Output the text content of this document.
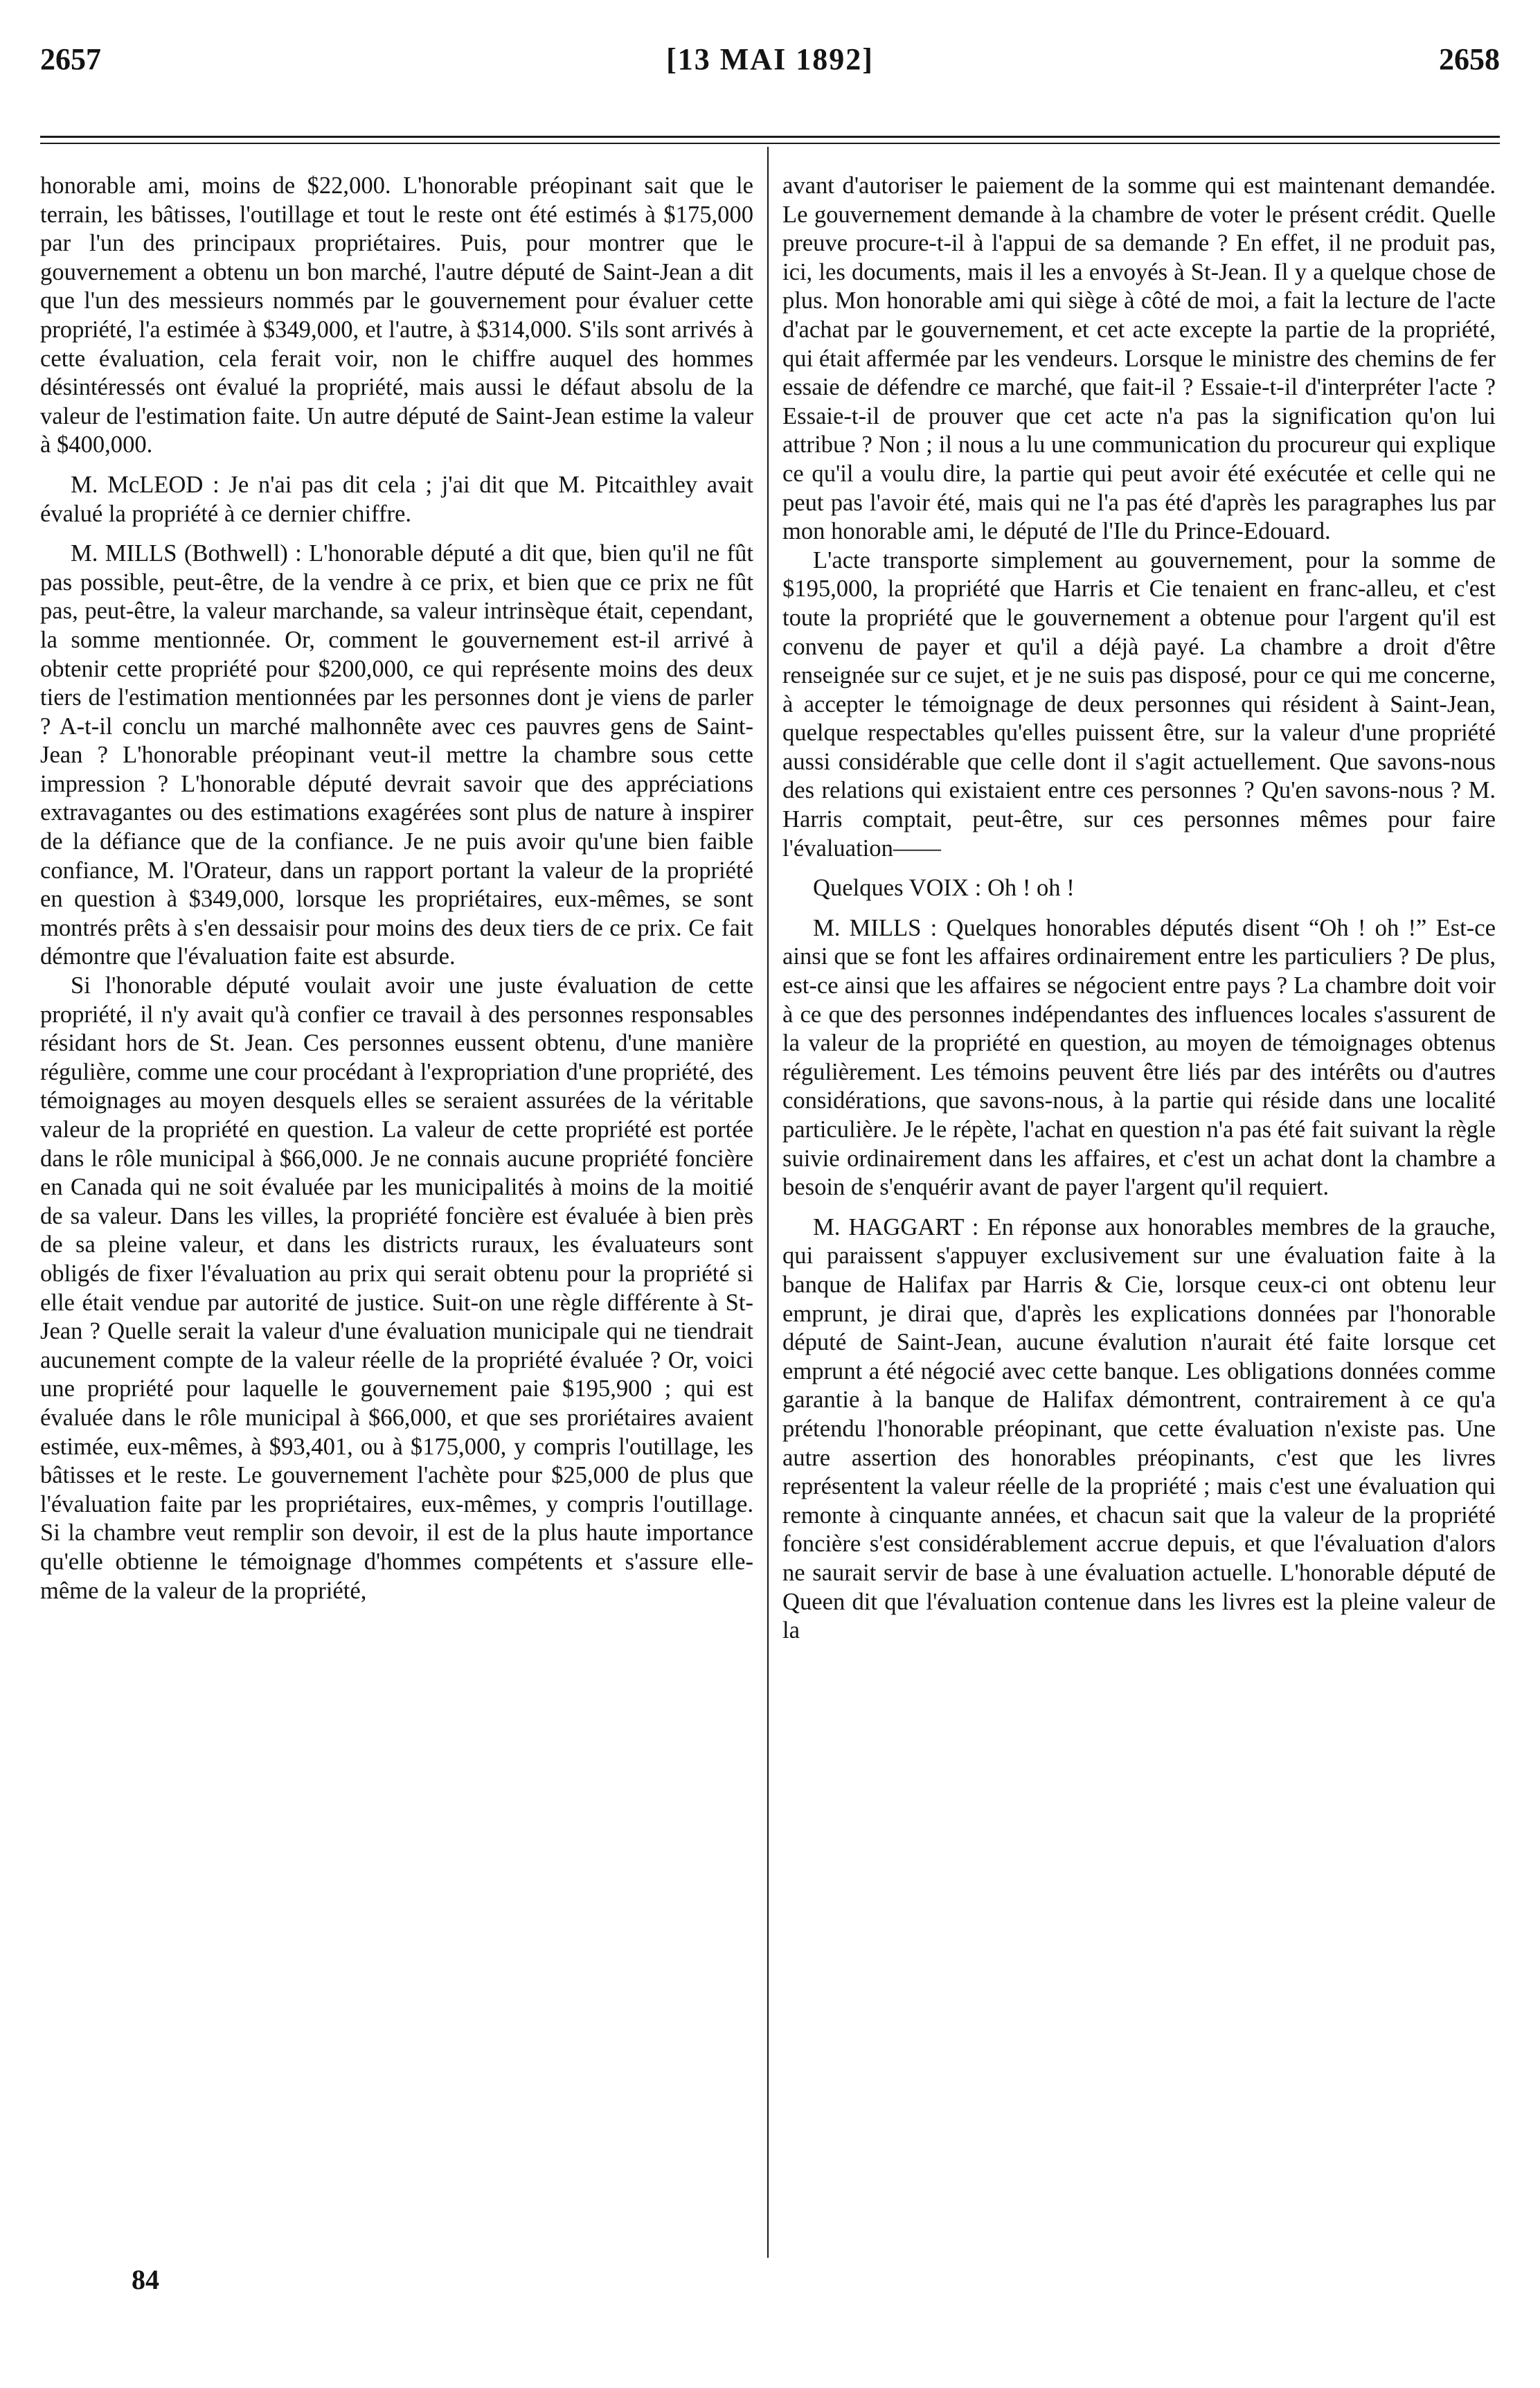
2657	[13 MAI 1892]	2658

honorable ami, moins de $22,000. L'honorable préopinant sait que le terrain, les bâtisses, l'outillage et tout le reste ont été estimés à $175,000 par l'un des principaux propriétaires. Puis, pour montrer que le gouvernement a obtenu un bon marché, l'autre député de Saint-Jean a dit que l'un des messieurs nommés par le gouvernement pour évaluer cette propriété, l'a estimée à $349,000, et l'autre, à $314,000. S'ils sont arrivés à cette évaluation, cela ferait voir, non le chiffre auquel des hommes désintéressés ont évalué la propriété, mais aussi le défaut absolu de la valeur de l'estimation faite. Un autre député de Saint-Jean estime la valeur à $400,000.

M. McLEOD : Je n'ai pas dit cela ; j'ai dit que M. Pitcaithley avait évalué la propriété à ce dernier chiffre.

M. MILLS (Bothwell) : L'honorable député a dit que, bien qu'il ne fût pas possible, peut-être, de la vendre à ce prix, et bien que ce prix ne fût pas, peut-être, la valeur marchande, sa valeur intrinsèque était, cependant, la somme mentionnée. Or, comment le gouvernement est-il arrivé à obtenir cette propriété pour $200,000, ce qui représente moins des deux tiers de l'estimation mentionnées par les personnes dont je viens de parler ? A-t-il conclu un marché malhonnête avec ces pauvres gens de Saint-Jean ? L'honorable préopinant veut-il mettre la chambre sous cette impression ? L'honorable député devrait savoir que des appréciations extravagantes ou des estimations exagérées sont plus de nature à inspirer de la défiance que de la confiance. Je ne puis avoir qu'une bien faible confiance, M. l'Orateur, dans un rapport portant la valeur de la propriété en question à $349,000, lorsque les propriétaires, eux-mêmes, se sont montrés prêts à s'en dessaisir pour moins des deux tiers de ce prix. Ce fait démontre que l'évaluation faite est absurde.

Si l'honorable député voulait avoir une juste évaluation de cette propriété, il n'y avait qu'à confier ce travail à des personnes responsables résidant hors de St. Jean. Ces personnes eussent obtenu, d'une manière régulière, comme une cour procédant à l'expropriation d'une propriété, des témoignages au moyen desquels elles se seraient assurées de la véritable valeur de la propriété en question. La valeur de cette propriété est portée dans le rôle municipal à $66,000. Je ne connais aucune propriété foncière en Canada qui ne soit évaluée par les municipalités à moins de la moitié de sa valeur. Dans les villes, la propriété foncière est évaluée à bien près de sa pleine valeur, et dans les districts ruraux, les évaluateurs sont obligés de fixer l'évaluation au prix qui serait obtenu pour la propriété si elle était vendue par autorité de justice. Suit-on une règle différente à St-Jean ? Quelle serait la valeur d'une évaluation municipale qui ne tiendrait aucunement compte de la valeur réelle de la propriété évaluée ? Or, voici une propriété pour laquelle le gouvernement paie $195,900 ; qui est évaluée dans le rôle municipal à $66,000, et que ses proriétaires avaient estimée, eux-mêmes, à $93,401, ou à $175,000, y compris l'outillage, les bâtisses et le reste. Le gouvernement l'achète pour $25,000 de plus que l'évaluation faite par les propriétaires, eux-mêmes, y compris l'outillage. Si la chambre veut remplir son devoir, il est de la plus haute importance qu'elle obtienne le témoignage d'hommes compétents et s'assure elle-même de la valeur de la propriété,

avant d'autoriser le paiement de la somme qui est maintenant demandée. Le gouvernement demande à la chambre de voter le présent crédit. Quelle preuve procure-t-il à l'appui de sa demande ? En effet, il ne produit pas, ici, les documents, mais il les a envoyés à St-Jean. Il y a quelque chose de plus. Mon honorable ami qui siège à côté de moi, a fait la lecture de l'acte d'achat par le gouvernement, et cet acte excepte la partie de la propriété, qui était affermée par les vendeurs. Lorsque le ministre des chemins de fer essaie de défendre ce marché, que fait-il ? Essaie-t-il d'interpréter l'acte ? Essaie-t-il de prouver que cet acte n'a pas la signification qu'on lui attribue ? Non ; il nous a lu une communication du procureur qui explique ce qu'il a voulu dire, la partie qui peut avoir été exécutée et celle qui ne peut pas l'avoir été, mais qui ne l'a pas été d'après les paragraphes lus par mon honorable ami, le député de l'Ile du Prince-Edouard.

L'acte transporte simplement au gouvernement, pour la somme de $195,000, la propriété que Harris et Cie tenaient en franc-alleu, et c'est toute la propriété que le gouvernement a obtenue pour l'argent qu'il est convenu de payer et qu'il a déjà payé. La chambre a droit d'être renseignée sur ce sujet, et je ne suis pas disposé, pour ce qui me concerne, à accepter le témoignage de deux personnes qui résident à Saint-Jean, quelque respectables qu'elles puissent être, sur la valeur d'une propriété aussi considérable que celle dont il s'agit actuellement. Que savons-nous des relations qui existaient entre ces personnes ? Qu'en savons-nous ? M. Harris comptait, peut-être, sur ces personnes mêmes pour faire l'évaluation——

Quelques VOIX : Oh ! oh !

M. MILLS : Quelques honorables députés disent “Oh ! oh !” Est-ce ainsi que se font les affaires ordinairement entre les particuliers ? De plus, est-ce ainsi que les affaires se négocient entre pays ? La chambre doit voir à ce que des personnes indépendantes des influences locales s'assurent de la valeur de la propriété en question, au moyen de témoignages obtenus régulièrement. Les témoins peuvent être liés par des intérêts ou d'autres considérations, que savons-nous, à la partie qui réside dans une localité particulière. Je le répète, l'achat en question n'a pas été fait suivant la règle suivie ordinairement dans les affaires, et c'est un achat dont la chambre a besoin de s'enquérir avant de payer l'argent qu'il requiert.

M. HAGGART : En réponse aux honorables membres de la grauche, qui paraissent s'appuyer exclusivement sur une évaluation faite à la banque de Halifax par Harris & Cie, lorsque ceux-ci ont obtenu leur emprunt, je dirai que, d'après les explications données par l'honorable député de Saint-Jean, aucune évalution n'aurait été faite lorsque cet emprunt a été négocié avec cette banque. Les obligations données comme garantie à la banque de Halifax démontrent, contrairement à ce qu'a prétendu l'honorable préopinant, que cette évaluation n'existe pas. Une autre assertion des honorables préopinants, c'est que les livres représentent la valeur réelle de la propriété ; mais c'est une évaluation qui remonte à cinquante années, et chacun sait que la valeur de la propriété foncière s'est considérablement accrue depuis, et que l'évaluation d'alors ne saurait servir de base à une évaluation actuelle. L'honorable député de Queen dit que l'évaluation contenue dans les livres est la pleine valeur de la

84
